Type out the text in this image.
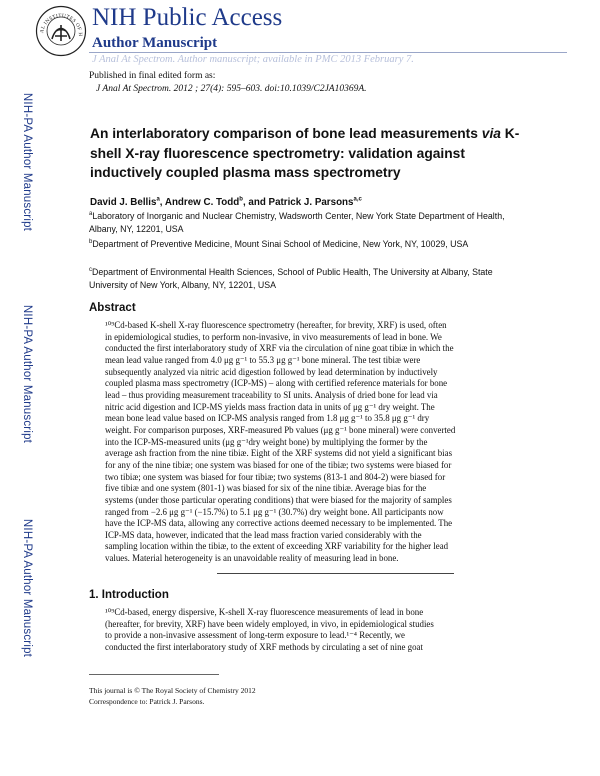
AL INSTITUTES OF H
NIH Public Access
Author Manuscript
J Anal At Spectrom. Author manuscript; available in PMC 2013 February 7.
NIH-PA Author Manuscript
NIH-PA Author Manuscript
NIH-PA Author Manuscript
Published in final edited form as:
J Anal At Spectrom. 2012 ; 27(4): 595–603. doi:10.1039/C2JA10369A.
An interlaboratory comparison of bone lead measurements via K-shell X-ray fluorescence spectrometry: validation against inductively coupled plasma mass spectrometry
David J. Bellis$^a$, Andrew C. Todd$^b$, and Patrick J. Parsons$^{a,c}$
$^a$Laboratory of Inorganic and Nuclear Chemistry, Wadsworth Center, New York State Department of Health, Albany, NY, 12201, USA
$^b$Department of Preventive Medicine, Mount Sinai School of Medicine, New York, NY, 10029, USA
$^c$Department of Environmental Health Sciences, School of Public Health, The University at Albany, State University of New York, Albany, NY, 12201, USA
Abstract
¹⁰⁹Cd-based K-shell X-ray fluorescence spectrometry (hereafter, for brevity, XRF) is used, often
in epidemiological studies, to perform non-invasive, in vivo measurements of lead in bone. We
conducted the first interlaboratory study of XRF via the circulation of nine goat tibiæ in which the
mean lead value ranged from 4.0 μg g⁻¹ to 55.3 μg g⁻¹ bone mineral. The test tibiæ were
subsequently analyzed via nitric acid digestion followed by lead determination by inductively
coupled plasma mass spectrometry (ICP-MS) – along with certified reference materials for bone
lead – thus providing measurement traceability to SI units. Analysis of dried bone for lead via
nitric acid digestion and ICP-MS yields mass fraction data in units of μg g⁻¹ dry weight. The
mean bone lead value based on ICP-MS analysis ranged from 1.8 μg g⁻¹ to 35.8 μg g⁻¹ dry
weight. For comparison purposes, XRF-measured Pb values (μg g⁻¹ bone mineral) were converted
into the ICP-MS-measured units (μg g⁻¹dry weight bone) by multiplying the former by the
average ash fraction from the nine tibiæ. Eight of the XRF systems did not yield a significant bias
for any of the nine tibiæ; one system was biased for one of the tibiæ; two systems were biased for
two tibiæ; one system was biased for four tibiæ; two systems (813-1 and 804-2) were biased for
five tibiæ and one system (801-1) was biased for six of the nine tibiæ. Average bias for the
systems (under those particular operating conditions) that were biased for the majority of samples
ranged from −2.6 μg g⁻¹ (−15.7%) to 5.1 μg g⁻¹ (30.7%) dry weight bone. All participants now
have the ICP-MS data, allowing any corrective actions deemed necessary to be implemented. The
ICP-MS data, however, indicated that the lead mass fraction varied considerably with the
sampling location within the tibiæ, to the extent of exceeding XRF variability for the higher lead
values. Material heterogeneity is an unavoidable reality of measuring lead in bone.
1. Introduction
¹⁰⁹Cd-based, energy dispersive, K-shell X-ray fluorescence measurements of lead in bone
(hereafter, for brevity, XRF) have been widely employed, in vivo, in epidemiological studies
to provide a non-invasive assessment of long-term exposure to lead.¹⁻⁴ Recently, we
conducted the first interlaboratory study of XRF methods by circulating a set of nine goat
This journal is © The Royal Society of Chemistry 2012
Correspondence to: Patrick J. Parsons.
